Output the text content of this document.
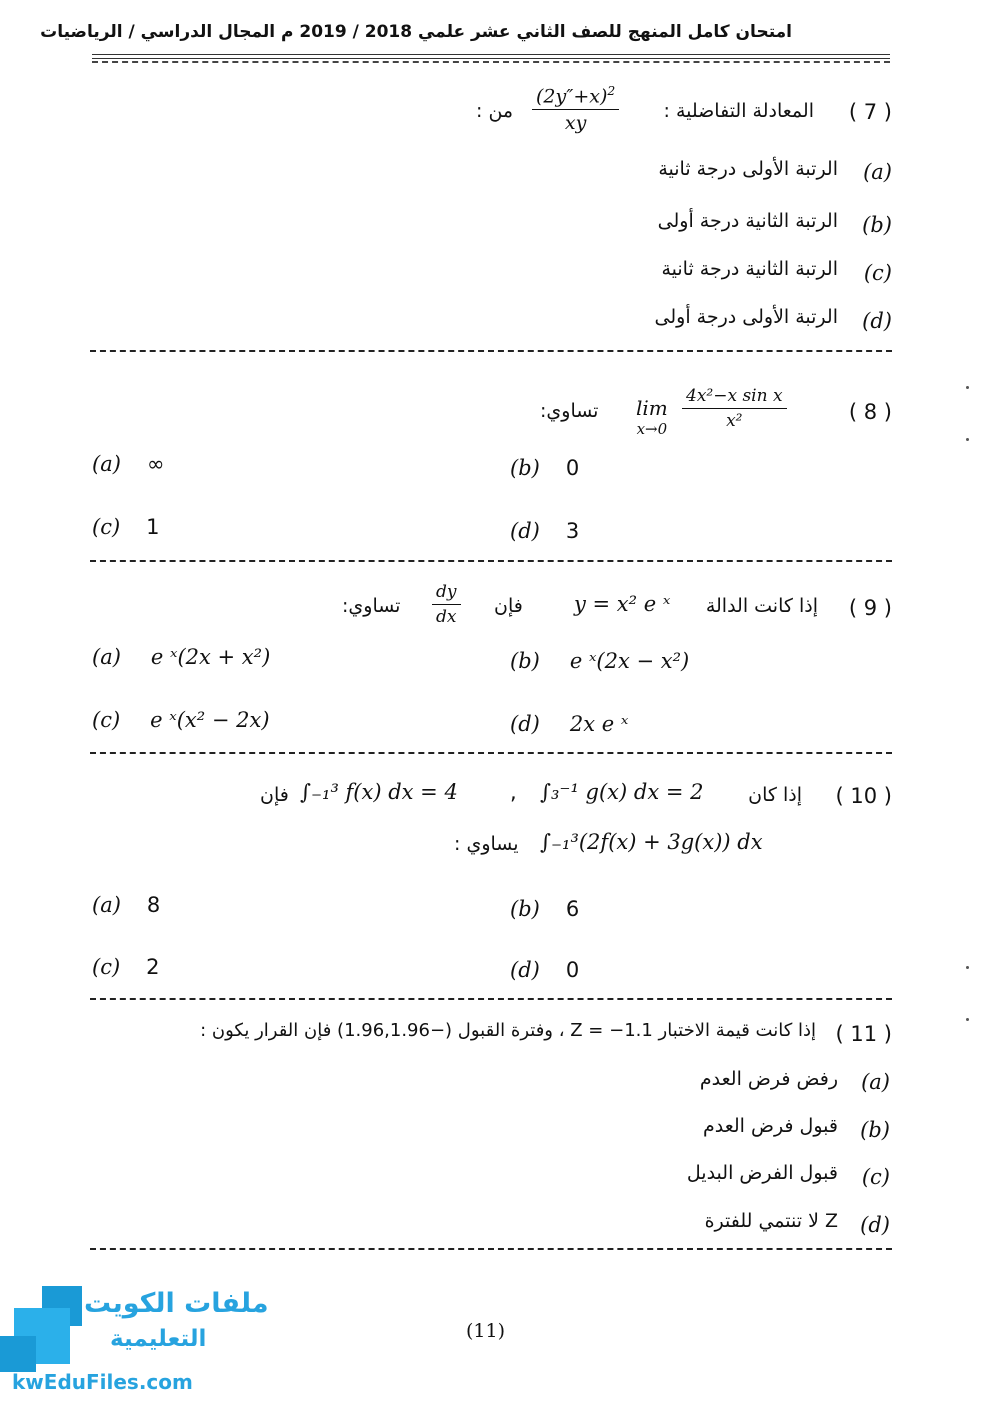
امتحان كامل المنهج للصف الثاني عشر علمي 2018 / 2019 م المجال الدراسي / الرياضيات
( 7 )
المعادلة التفاضلية :
$\frac{(2y''+x)^2}{xy}$
من :
(a)
الرتبة الأولى درجة ثانية
(b)
الرتبة الثانية درجة أولى
(c)
الرتبة الثانية درجة ثانية
(d)
الرتبة الأولى درجة أولى
( 8 )
lim
$x\to 0 \frac{\text{4x²−x sin x}}{\text{x²}}$
تساوي:
(a) ∞	(b) 0
(c) 1	(d) 3
( 9 )
إذا كانت الدالة
y = x² e ˣ
فإن
$\frac{dy}{dx}$
تساوي:
(a) e ˣ(2x + x²)	(b) e ˣ(2x − x²)
(c) e ˣ(x² − 2x)	(d) 2x e ˣ
( 10 )
إذا كان
∫₃⁻¹ g(x) dx = 2
,
∫₋₁³ f(x) dx = 4
فإن
∫₋₁³(2f(x) + 3g(x)) dx
يساوي :
(a) 8	(b) 6
(c) 2	(d) 0
( 11 )
إذا كانت قيمة الاختبار Z = −1.1 ، وفترة القبول (−1.96,1.96) فإن القرار يكون :
(a)
رفض فرض العدم
(b)
قبول فرض العدم
(c)
قبول الفرض البديل
(d)
Z لا تنتمي للفترة
(11)
ملفات الكويت
التعليمية
kwEduFiles.com
